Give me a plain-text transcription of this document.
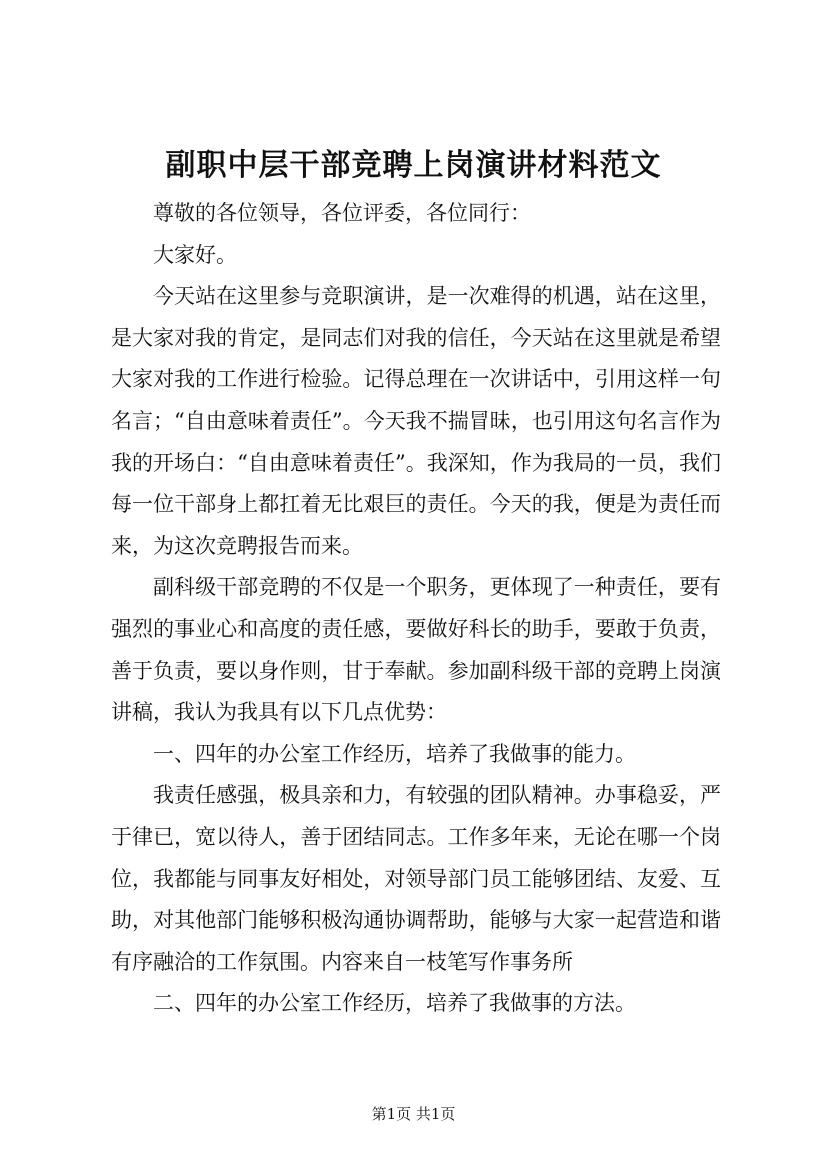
副职中层干部竞聘上岗演讲材料范文

尊敬的各位领导，各位评委，各位同行：

大家好。

今天站在这里参与竞职演讲，是一次难得的机遇，站在这里，是大家对我的肯定，是同志们对我的信任，今天站在这里就是希望大家对我的工作进行检验。记得总理在一次讲话中，引用这样一句名言；“自由意味着责任”。今天我不揣冒昧，也引用这句名言作为我的开场白：“自由意味着责任”。我深知，作为我局的一员，我们每一位干部身上都扛着无比艰巨的责任。今天的我，便是为责任而来，为这次竞聘报告而来。

副科级干部竞聘的不仅是一个职务，更体现了一种责任，要有强烈的事业心和高度的责任感，要做好科长的助手，要敢于负责，善于负责，要以身作则，甘于奉献。参加副科级干部的竞聘上岗演讲稿，我认为我具有以下几点优势：

一、四年的办公室工作经历，培养了我做事的能力。

我责任感强，极具亲和力，有较强的团队精神。办事稳妥，严于律已，宽以待人，善于团结同志。工作多年来，无论在哪一个岗位，我都能与同事友好相处，对领导部门员工能够团结、友爱、互助，对其他部门能够积极沟通协调帮助，能够与大家一起营造和谐有序融洽的工作氛围。内容来自一枝笔写作事务所

二、四年的办公室工作经历，培养了我做事的方法。

第1页 共1页
